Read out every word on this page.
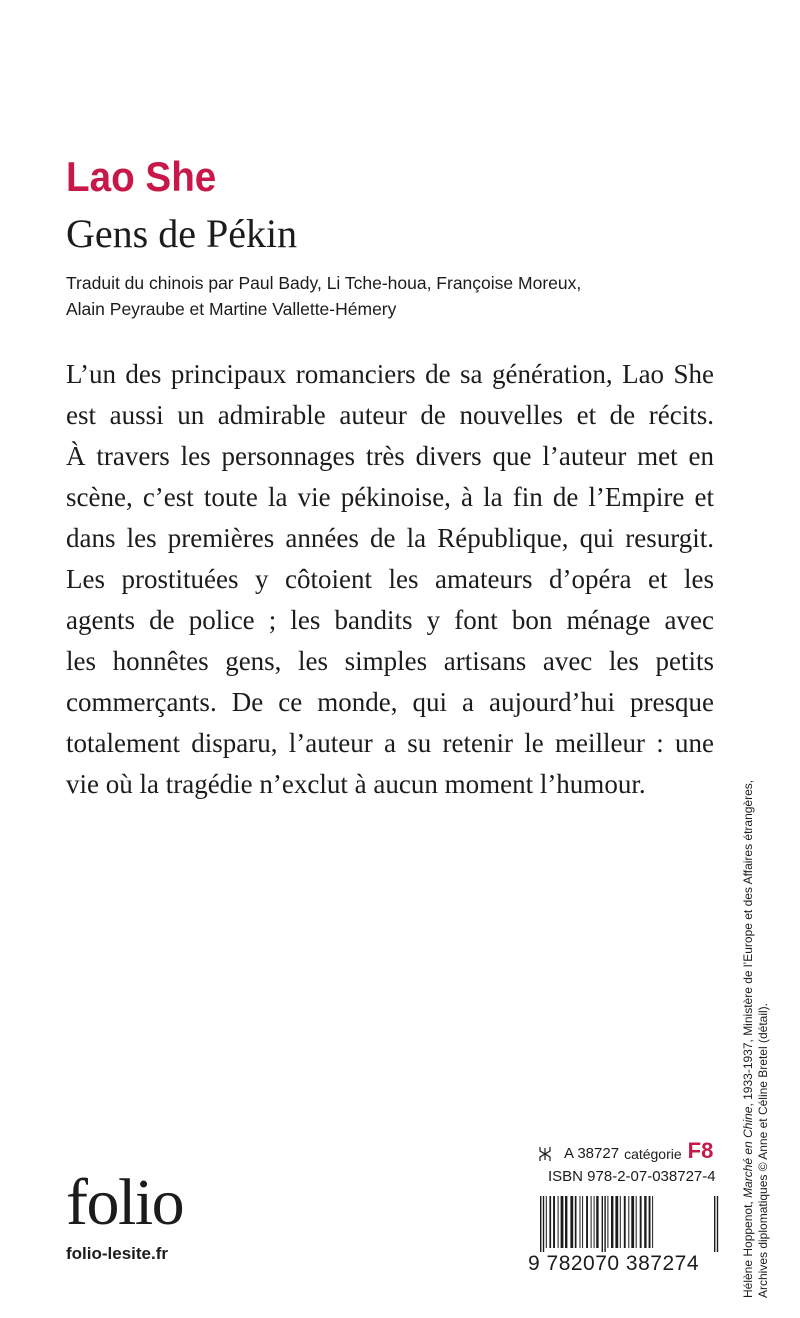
Lao She
Gens de Pékin

Traduit du chinois par Paul Bady, Li Tche-houa, Françoise Moreux,
Alain Peyraube et Martine Vallette-Hémery

L’un des principaux romanciers de sa génération, Lao She
est aussi un admirable auteur de nouvelles et de récits.
À travers les personnages très divers que l’auteur met en
scène, c’est toute la vie pékinoise, à la fin de l’Empire et
dans les premières années de la République, qui resurgit.
Les prostituées y côtoient les amateurs d’opéra et les
agents de police ; les bandits y font bon ménage avec
les honnêtes gens, les simples artisans avec les petits
commerçants. De ce monde, qui a aujourd’hui presque
totalement disparu, l’auteur a su retenir le meilleur : une
vie où la tragédie n’exclut à aucun moment l’humour.
Hélène Hoppenot, Marché en Chine, 1933-1937, Ministère de l’Europe et des Affaires étrangères,
Archives diplomatiques © Anne et Céline Bretel (détail).
A 38727 catégorie F8
ISBN 978-2-07-038727-4
9 782070 387274
folio
folio-lesite.fr
